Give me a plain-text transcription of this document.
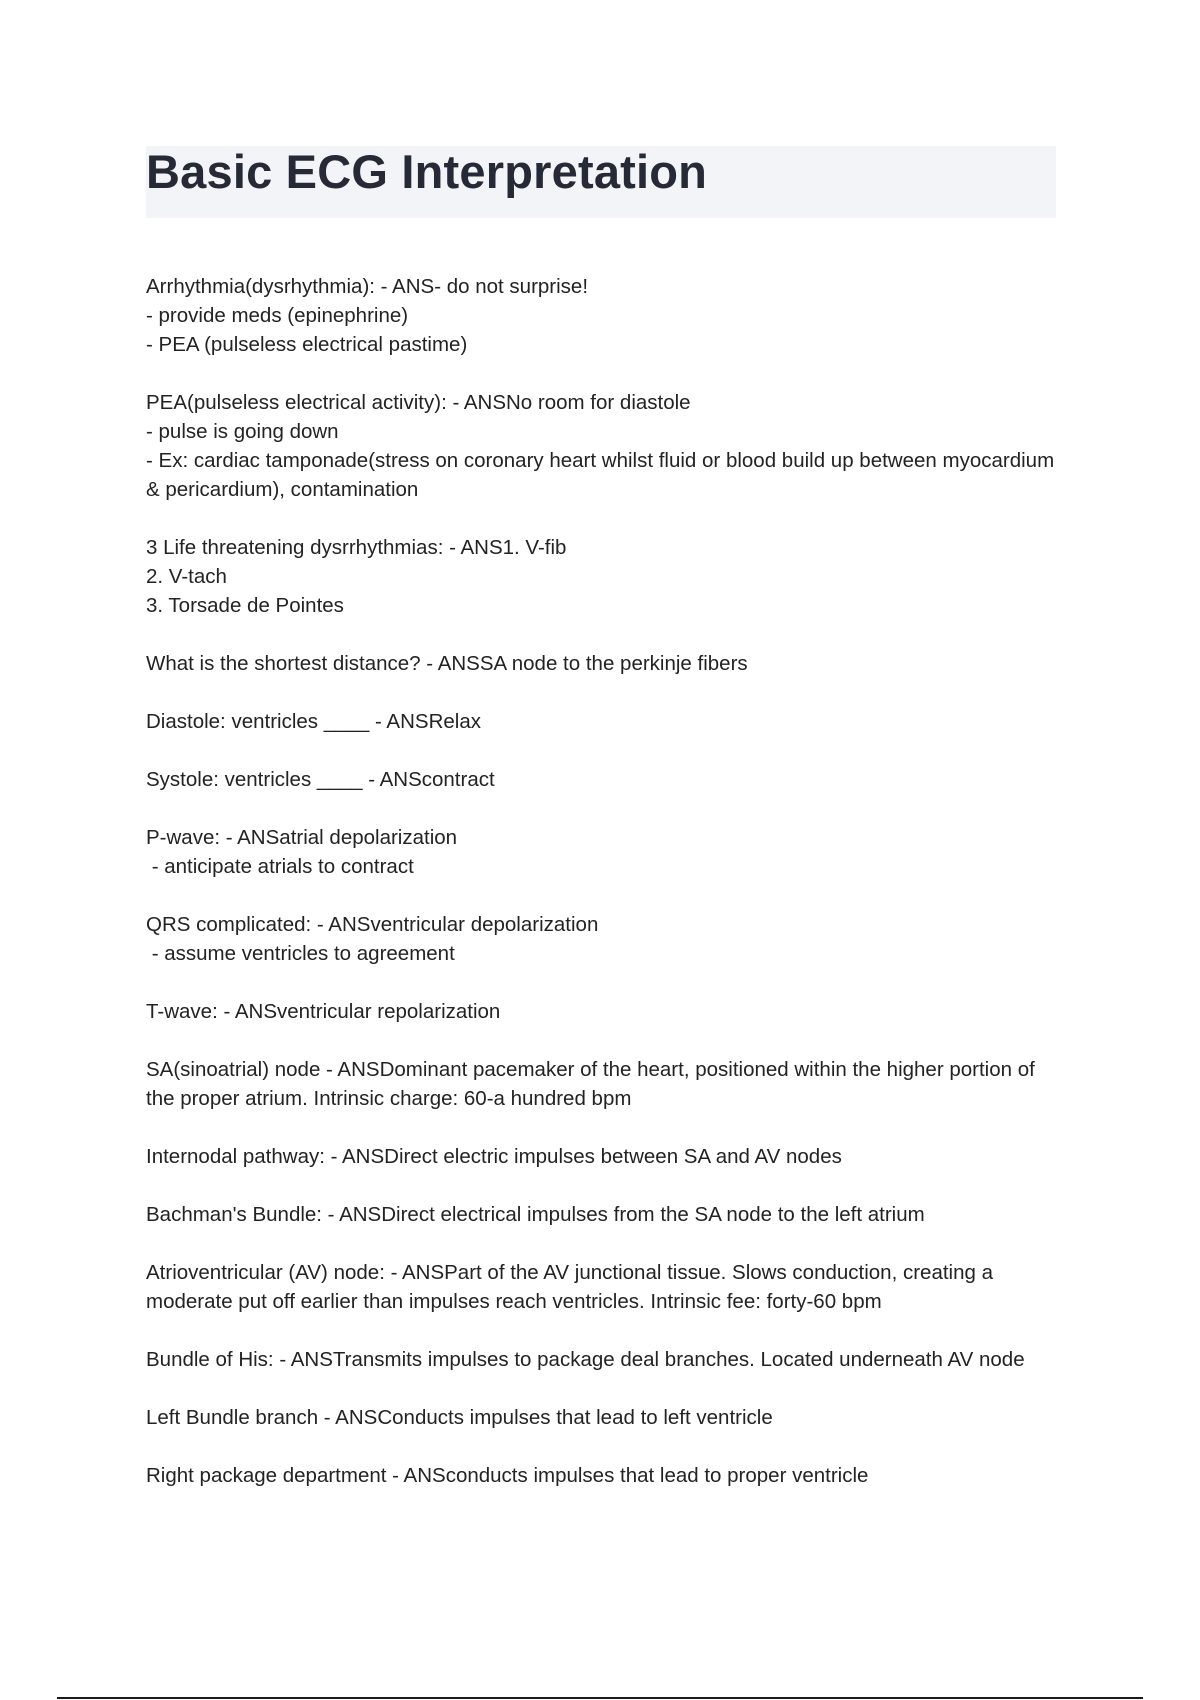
Basic ECG Interpretation
Arrhythmia(dysrhythmia): - ANS- do not surprise!
- provide meds (epinephrine)
- PEA (pulseless electrical pastime)
PEA(pulseless electrical activity): - ANSNo room for diastole
- pulse is going down
- Ex: cardiac tamponade(stress on coronary heart whilst fluid or blood build up between myocardium & pericardium), contamination
3 Life threatening dysrrhythmias: - ANS1. V-fib
2. V-tach
3. Torsade de Pointes
What is the shortest distance? - ANSSA node to the perkinje fibers
Diastole: ventricles ____ - ANSRelax
Systole: ventricles ____ - ANScontract
P-wave: - ANSatrial depolarization
- anticipate atrials to contract
QRS complicated: - ANSventricular depolarization
- assume ventricles to agreement
T-wave: - ANSventricular repolarization
SA(sinoatrial) node - ANSDominant pacemaker of the heart, positioned within the higher portion of the proper atrium. Intrinsic charge: 60-a hundred bpm
Internodal pathway: - ANSDirect electric impulses between SA and AV nodes
Bachman's Bundle: - ANSDirect electrical impulses from the SA node to the left atrium
Atrioventricular (AV) node: - ANSPart of the AV junctional tissue. Slows conduction, creating a moderate put off earlier than impulses reach ventricles. Intrinsic fee: forty-60 bpm
Bundle of His: - ANSTransmits impulses to package deal branches. Located underneath AV node
Left Bundle branch - ANSConducts impulses that lead to left ventricle
Right package department - ANSconducts impulses that lead to proper ventricle
